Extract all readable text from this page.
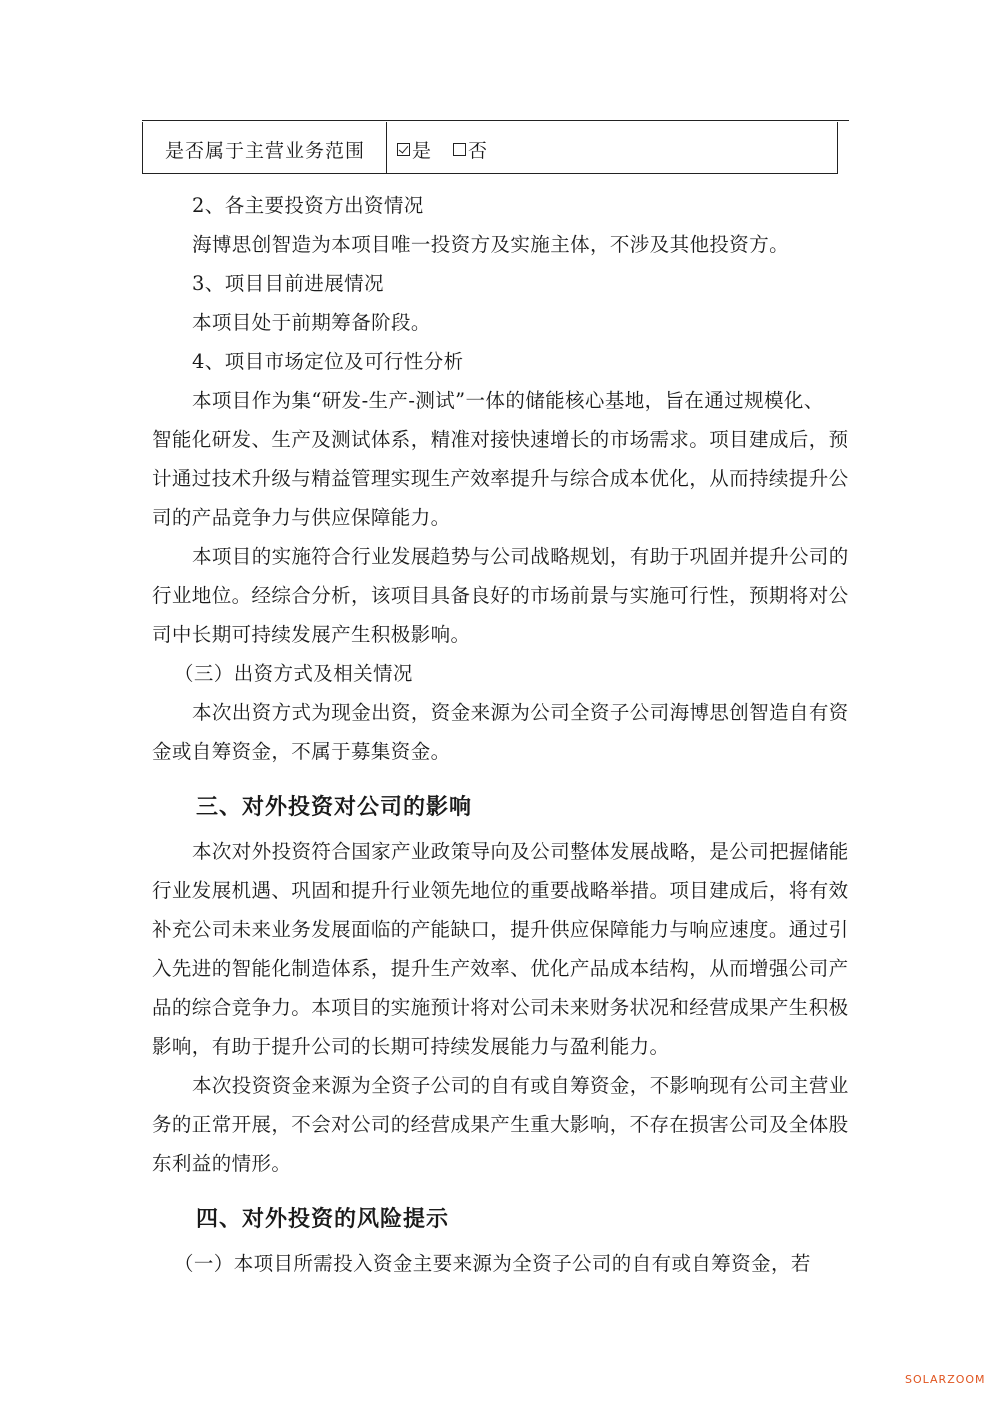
是否属于主营业务范围 是 否
2、各主要投资方出资情况
海博思创智造为本项目唯一投资方及实施主体，不涉及其他投资方。
3、项目目前进展情况
本项目处于前期筹备阶段。
4、项目市场定位及可行性分析
本项目作为集“研发-生产-测试”一体的储能核心基地，旨在通过规模化、
智能化研发、生产及测试体系，精准对接快速增长的市场需求。项目建成后，预
计通过技术升级与精益管理实现生产效率提升与综合成本优化，从而持续提升公
司的产品竞争力与供应保障能力。
本项目的实施符合行业发展趋势与公司战略规划，有助于巩固并提升公司的
行业地位。经综合分析，该项目具备良好的市场前景与实施可行性，预期将对公
司中长期可持续发展产生积极影响。
（三）出资方式及相关情况
本次出资方式为现金出资，资金来源为公司全资子公司海博思创智造自有资
金或自筹资金，不属于募集资金。
三、对外投资对公司的影响
本次对外投资符合国家产业政策导向及公司整体发展战略，是公司把握储能
行业发展机遇、巩固和提升行业领先地位的重要战略举措。项目建成后，将有效
补充公司未来业务发展面临的产能缺口，提升供应保障能力与响应速度。通过引
入先进的智能化制造体系，提升生产效率、优化产品成本结构，从而增强公司产
品的综合竞争力。本项目的实施预计将对公司未来财务状况和经营成果产生积极
影响，有助于提升公司的长期可持续发展能力与盈利能力。
本次投资资金来源为全资子公司的自有或自筹资金，不影响现有公司主营业
务的正常开展，不会对公司的经营成果产生重大影响，不存在损害公司及全体股
东利益的情形。
四、对外投资的风险提示
（一）本项目所需投入资金主要来源为全资子公司的自有或自筹资金，若
SOLARZOOM
